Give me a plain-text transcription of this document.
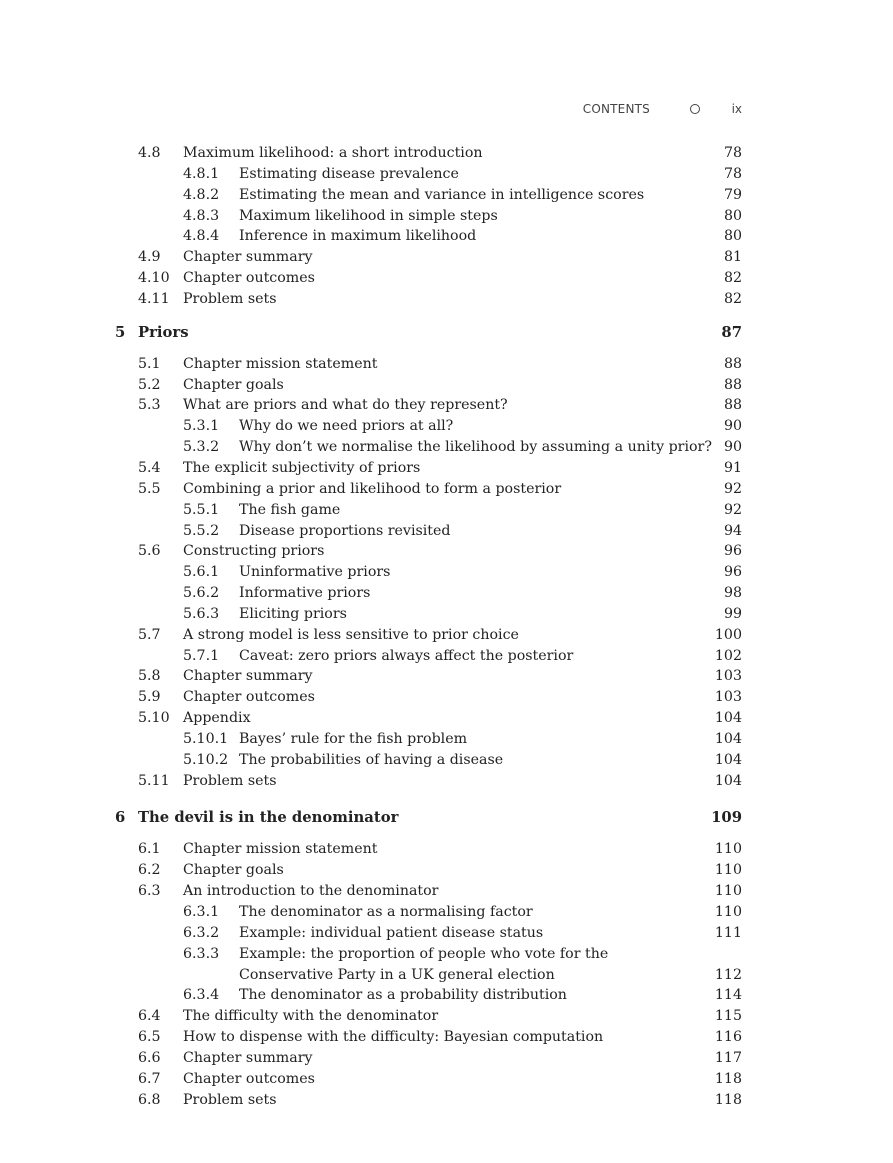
CONTENTS	ix
4.8 Maximum likelihood: a short introduction	78
4.8.1 Estimating disease prevalence	78
4.8.2 Estimating the mean and variance in intelligence scores	79
4.8.3 Maximum likelihood in simple steps	80
4.8.4 Inference in maximum likelihood	80
4.9 Chapter summary	81
4.10 Chapter outcomes	82
4.11 Problem sets	82
5 Priors	87
5.1 Chapter mission statement	88
5.2 Chapter goals	88
5.3 What are priors and what do they represent?	88
5.3.1 Why do we need priors at all?	90
5.3.2 Why don’t we normalise the likelihood by assuming a unity prior? 90
5.4 The explicit subjectivity of priors	91
5.5 Combining a prior and likelihood to form a posterior	92
5.5.1 The fish game	92
5.5.2 Disease proportions revisited	94
5.6 Constructing priors	96
5.6.1 Uninformative priors	96
5.6.2 Informative priors	98
5.6.3 Eliciting priors	99
5.7 A strong model is less sensitive to prior choice	100
5.7.1 Caveat: zero priors always affect the posterior	102
5.8 Chapter summary	103
5.9 Chapter outcomes	103
5.10 Appendix	104
5.10.1 Bayes’ rule for the fish problem	104
5.10.2 The probabilities of having a disease	104
5.11 Problem sets	104
6 The devil is in the denominator	109
6.1 Chapter mission statement	110
6.2 Chapter goals	110
6.3 An introduction to the denominator	110
6.3.1 The denominator as a normalising factor	110
6.3.2 Example: individual patient disease status	111
6.3.3 Example: the proportion of people who vote for the
Conservative Party in a UK general election	112
6.3.4 The denominator as a probability distribution	114
6.4 The difficulty with the denominator	115
6.5 How to dispense with the difficulty: Bayesian computation	116
6.6 Chapter summary	117
6.7 Chapter outcomes	118
6.8 Problem sets	118
